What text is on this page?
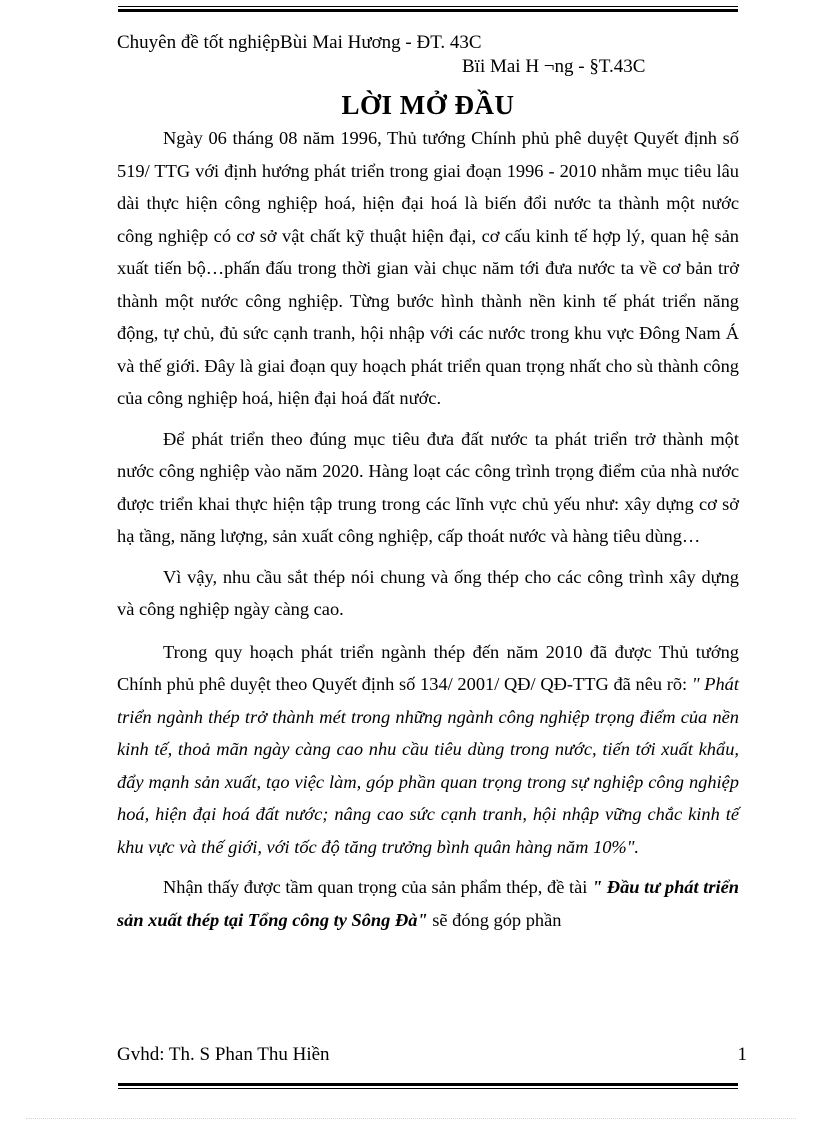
Chuyên đề tốt nghiệpBùi Mai Hương - ĐT. 43C
Bïi Mai H ¬ng - §T.43C
LỜI MỞ ĐẦU

Ngày 06 tháng 08 năm 1996, Thủ tướng Chính phủ phê duyệt Quyết định số 519/ TTG với định hướng phát triển trong giai đoạn 1996 - 2010 nhằm mục tiêu lâu dài thực hiện công nghiệp hoá, hiện đại hoá là biến đổi nước ta thành một nước công nghiệp có cơ sở vật chất kỹ thuật hiện đại, cơ cấu kinh tế hợp lý, quan hệ sản xuất tiến bộ…phấn đấu trong thời gian vài chục năm tới đưa nước ta về cơ bản trở thành một nước công nghiệp. Từng bước hình thành nền kinh tế phát triển năng động, tự chủ, đủ sức cạnh tranh, hội nhập với các nước trong khu vực Đông Nam Á và thế giới. Đây là giai đoạn quy hoạch phát triển quan trọng nhất cho sù thành công của công nghiệp hoá, hiện đại hoá đất nước.

Để phát triển theo đúng mục tiêu đưa đất nước ta phát triển trở thành một nước công nghiệp vào năm 2020. Hàng loạt các công trình trọng điểm của nhà nước được triển khai thực hiện tập trung trong các lĩnh vực chủ yếu như: xây dựng cơ sở hạ tầng, năng lượng, sản xuất công nghiệp, cấp thoát nước và hàng tiêu dùng…

Vì vậy, nhu cầu sắt thép nói chung và ống thép cho các công trình xây dựng và công nghiệp ngày càng cao.

Trong quy hoạch phát triển ngành thép đến năm 2010 đã được Thủ tướng Chính phủ phê duyệt theo Quyết định số 134/ 2001/ QĐ/ QĐ-TTG đã nêu rõ: " Phát triển ngành thép trở thành mét trong những ngành công nghiệp trọng điểm của nền kinh tế, thoả mãn ngày càng cao nhu cầu tiêu dùng trong nước, tiến tới xuất khẩu, đẩy mạnh sản xuất, tạo việc làm, góp phần quan trọng trong sự nghiệp công nghiệp hoá, hiện đại hoá đất nước; nâng cao sức cạnh tranh, hội nhập vững chắc kinh tế khu vực và thế giới, với tốc độ tăng trưởng bình quân hàng năm 10%".

Nhận thấy được tầm quan trọng của sản phẩm thép, đề tài " Đầu tư phát triển sản xuất thép tại Tổng công ty Sông Đà" sẽ đóng góp phần

Gvhd: Th. S Phan Thu Hiền	1
